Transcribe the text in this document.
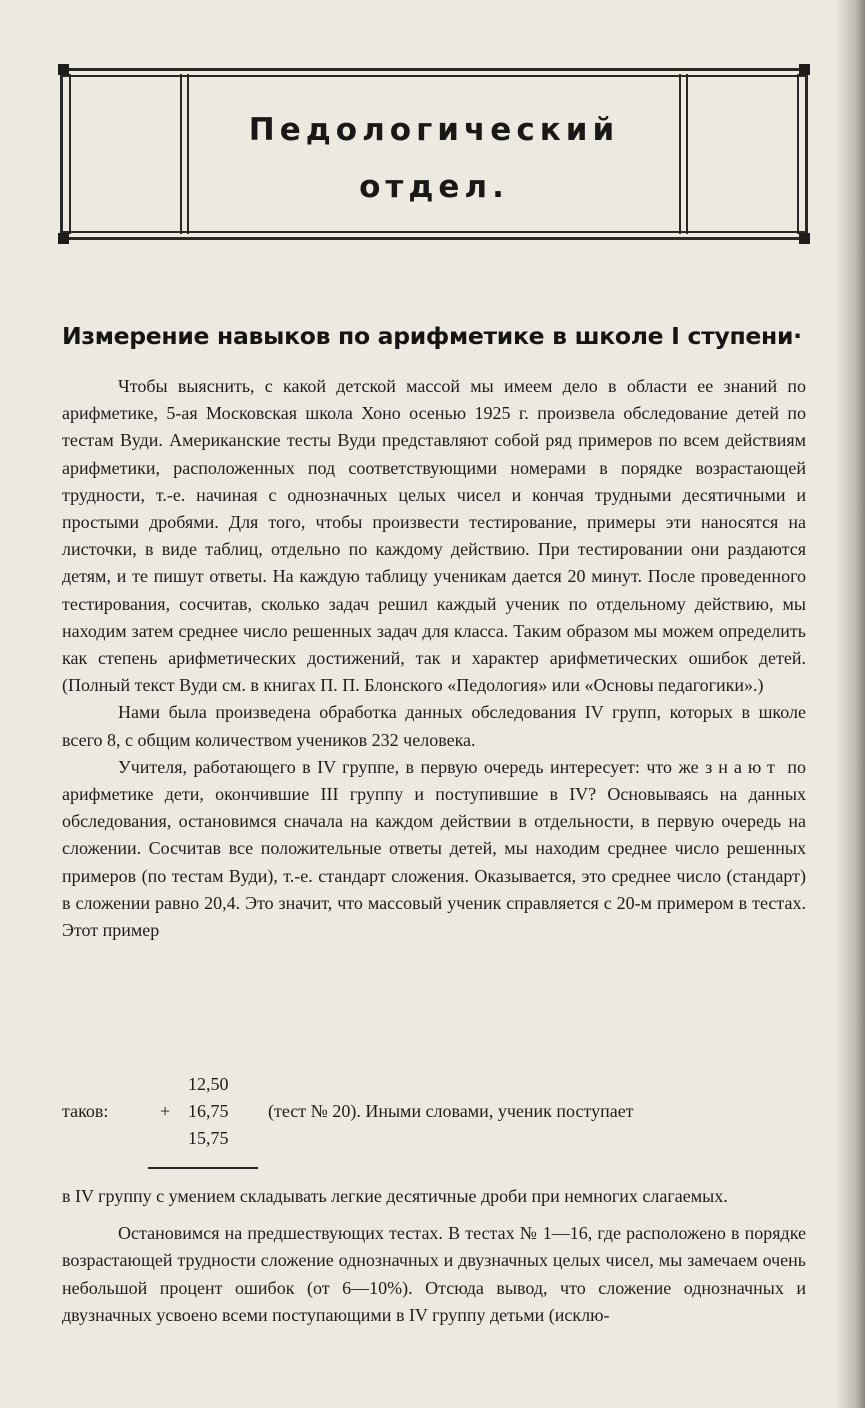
Педологический
отдел.
Измерение навыков по арифметике в школе I ступени·

Чтобы выяснить, с какой детской массой мы имеем дело в области ее знаний по арифметике, 5-ая Московская школа Хоно осенью 1925 г. произвела обследование детей по тестам Вуди. Американские тесты Вуди представляют собой ряд примеров по всем действиям арифметики, расположенных под соответствующими номерами в порядке возрастающей трудности, т.-е. начиная с однозначных целых чисел и кончая трудными десятичными и простыми дробями. Для того, чтобы произвести тестирование, примеры эти наносятся на листочки, в виде таблиц, отдельно по каждому действию. При тестировании они раздаются детям, и те пишут ответы. На каждую таблицу ученикам дается 20 минут. После проведенного тестирования, сосчитав, сколько задач решил каждый ученик по отдельному действию, мы находим затем среднее число решенных задач для класса. Таким образом мы можем определить как степень арифметических достижений, так и характер арифметических ошибок детей. (Полный текст Вуди см. в книгах П. П. Блонского «Педология» или «Основы педагогики».)

Нами была произведена обработка данных обследования IV групп, которых в школе всего 8, с общим количеством учеников 232 человека.

Учителя, работающего в IV группе, в первую очередь интересует: что же знают по арифметике дети, окончившие III группу и поступившие в IV? Основываясь на данных обследования, остановимся сначала на каждом действии в отдельности, в первую очередь на сложении. Сосчитав все положительные ответы детей, мы находим среднее число решенных примеров (по тестам Вуди), т.-е. стандарт сложения. Оказывается, это среднее число (стандарт) в сложении равно 20,4. Это значит, что массовый ученик справляется с 20-м примером в тестах. Этот пример

12,50
таков:	+ 16,75 (тест № 20). Иными словами, ученик поступает
15,75

в IV группу с умением складывать легкие десятичные дроби при немногих слагаемых.

Остановимся на предшествующих тестах. В тестах № 1—16, где расположено в порядке возрастающей трудности сложение однозначных и двузначных целых чисел, мы замечаем очень небольшой процент ошибок (от 6—10%). Отсюда вывод, что сложение однозначных и двузначных усвоено всеми поступающими в IV группу детьми (исклю-
